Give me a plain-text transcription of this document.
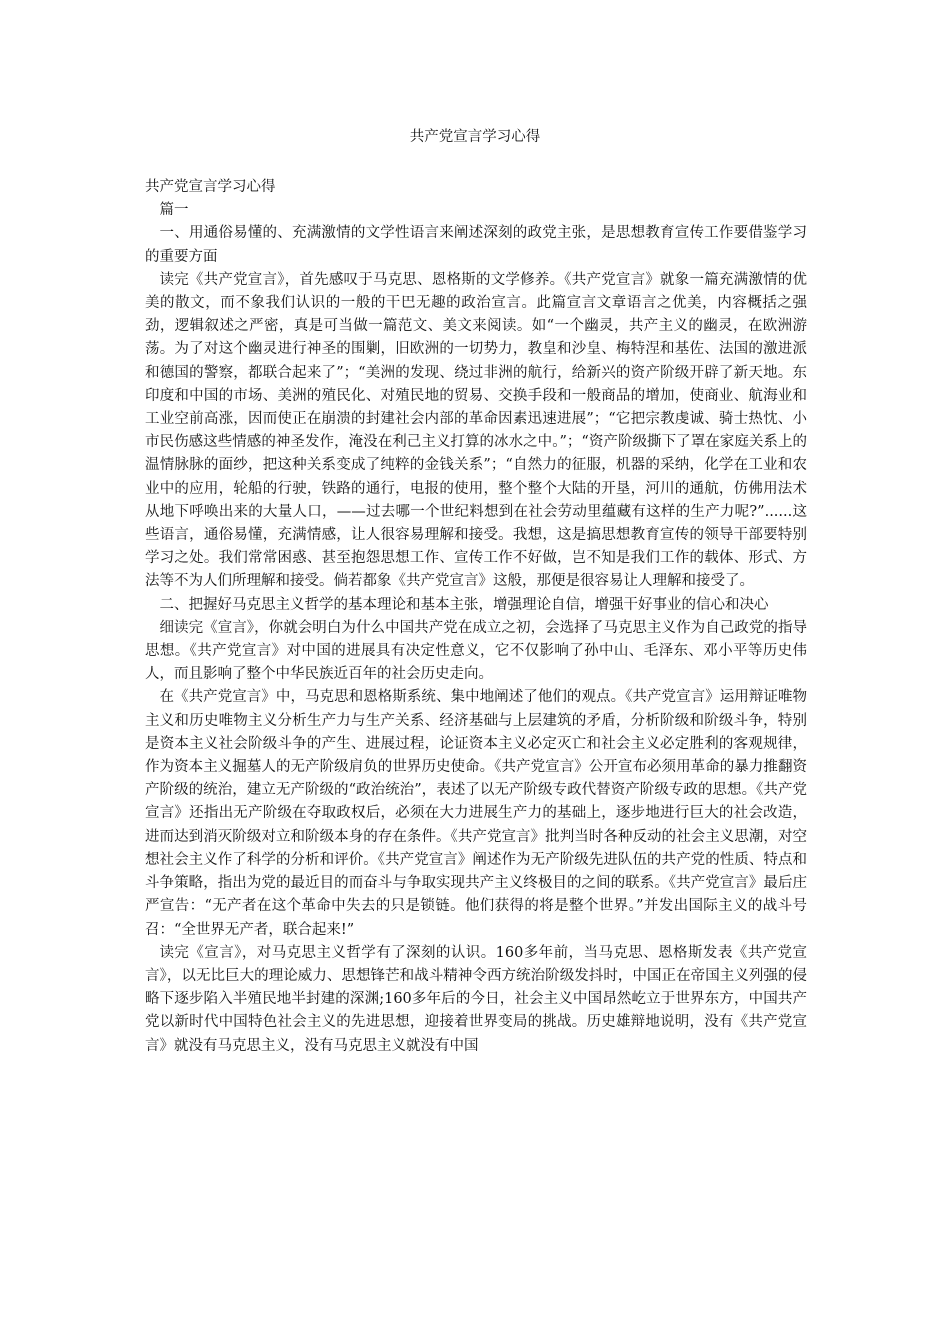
共产党宣言学习心得

共产党宣言学习心得

篇一

一、用通俗易懂的、充满激情的文学性语言来阐述深刻的政党主张，是思想教育宣传工作要借鉴学习的重要方面

读完《共产党宣言》，首先感叹于马克思、恩格斯的文学修养。《共产党宣言》就象一篇充满激情的优美的散文，而不象我们认识的一般的干巴无趣的政治宣言。此篇宣言文章语言之优美，内容概括之强劲，逻辑叙述之严密，真是可当做一篇范文、美文来阅读。如“一个幽灵，共产主义的幽灵，在欧洲游荡。为了对这个幽灵进行神圣的围剿，旧欧洲的一切势力，教皇和沙皇、梅特涅和基佐、法国的激进派和德国的警察，都联合起来了”；“美洲的发现、绕过非洲的航行，给新兴的资产阶级开辟了新天地。东印度和中国的市场、美洲的殖民化、对殖民地的贸易、交换手段和一般商品的增加，使商业、航海业和工业空前高涨，因而使正在崩溃的封建社会内部的革命因素迅速进展”；“它把宗教虔诚、骑士热忱、小市民伤感这些情感的神圣发作，淹没在利己主义打算的冰水之中。”；“资产阶级撕下了罩在家庭关系上的温情脉脉的面纱，把这种关系变成了纯粹的金钱关系”；“自然力的征服，机器的采纳，化学在工业和农业中的应用，轮船的行驶，铁路的通行，电报的使用，整个整个大陆的开垦，河川的通航，仿佛用法术从地下呼唤出来的大量人口，——过去哪一个世纪料想到在社会劳动里蕴藏有这样的生产力呢?”......这些语言，通俗易懂，充满情感，让人很容易理解和接受。我想，这是搞思想教育宣传的领导干部要特别学习之处。我们常常困惑、甚至抱怨思想工作、宣传工作不好做，岂不知是我们工作的载体、形式、方法等不为人们所理解和接受。倘若都象《共产党宣言》这般，那便是很容易让人理解和接受了。

二、把握好马克思主义哲学的基本理论和基本主张，增强理论自信，增强干好事业的信心和决心

细读完《宣言》，你就会明白为什么中国共产党在成立之初，会选择了马克思主义作为自己政党的指导思想。《共产党宣言》对中国的进展具有决定性意义，它不仅影响了孙中山、毛泽东、邓小平等历史伟人，而且影响了整个中华民族近百年的社会历史走向。

在《共产党宣言》中，马克思和恩格斯系统、集中地阐述了他们的观点。《共产党宣言》运用辩证唯物主义和历史唯物主义分析生产力与生产关系、经济基础与上层建筑的矛盾，分析阶级和阶级斗争，特别是资本主义社会阶级斗争的产生、进展过程，论证资本主义必定灭亡和社会主义必定胜利的客观规律，作为资本主义掘墓人的无产阶级肩负的世界历史使命。《共产党宣言》公开宣布必须用革命的暴力推翻资产阶级的统治，建立无产阶级的“政治统治”，表述了以无产阶级专政代替资产阶级专政的思想。《共产党宣言》还指出无产阶级在夺取政权后，必须在大力进展生产力的基础上，逐步地进行巨大的社会改造，进而达到消灭阶级对立和阶级本身的存在条件。《共产党宣言》批判当时各种反动的社会主义思潮，对空想社会主义作了科学的分析和评价。《共产党宣言》阐述作为无产阶级先进队伍的共产党的性质、特点和斗争策略，指出为党的最近目的而奋斗与争取实现共产主义终极目的之间的联系。《共产党宣言》最后庄严宣告：“无产者在这个革命中失去的只是锁链。他们获得的将是整个世界。”并发出国际主义的战斗号召：“全世界无产者，联合起来!”

读完《宣言》，对马克思主义哲学有了深刻的认识。160多年前，当马克思、恩格斯发表《共产党宣言》，以无比巨大的理论威力、思想锋芒和战斗精神令西方统治阶级发抖时，中国正在帝国主义列强的侵略下逐步陷入半殖民地半封建的深渊;160多年后的今日，社会主义中国昂然屹立于世界东方，中国共产党以新时代中国特色社会主义的先进思想，迎接着世界变局的挑战。历史雄辩地说明，没有《共产党宣言》就没有马克思主义，没有马克思主义就没有中国
